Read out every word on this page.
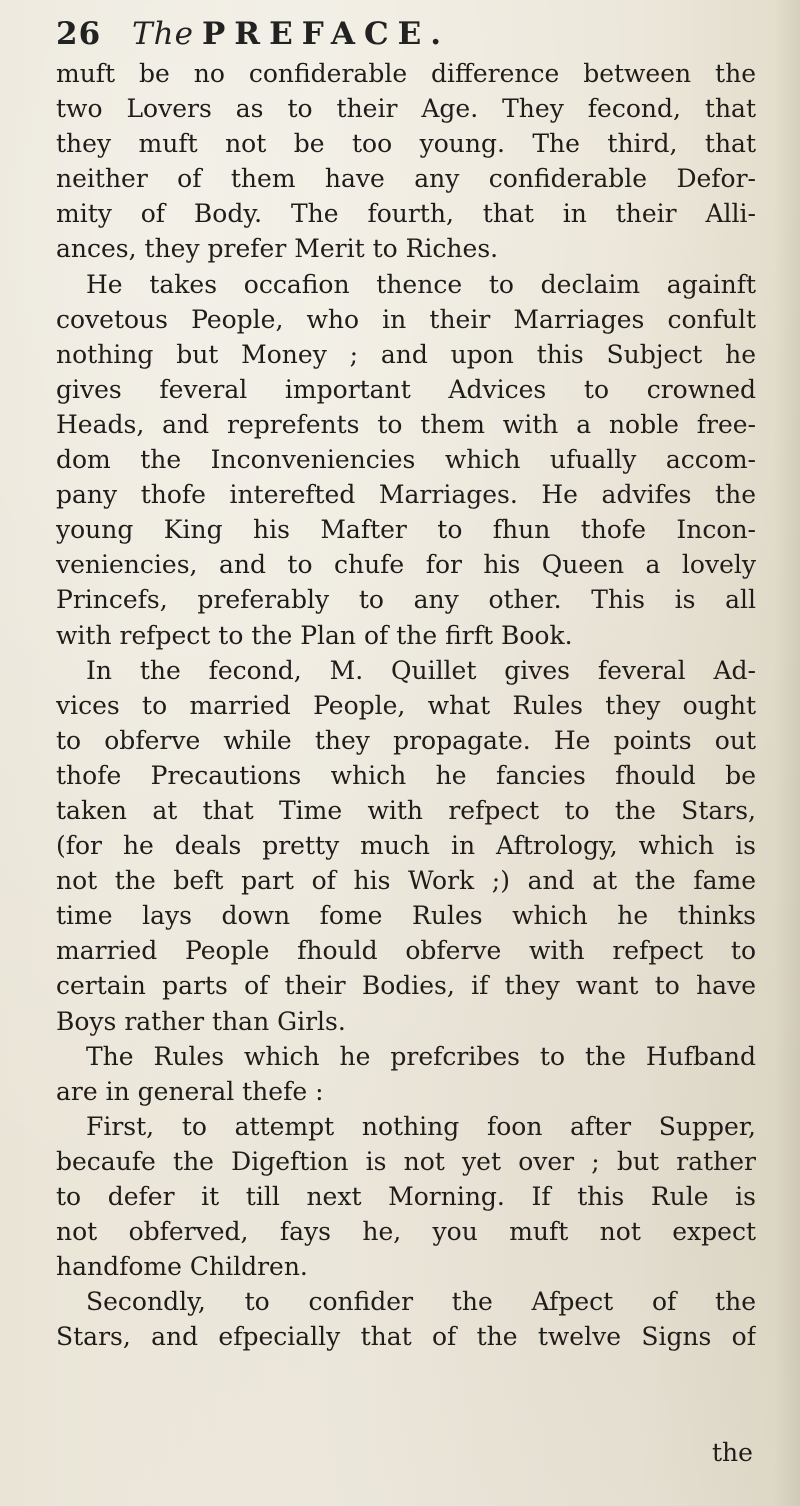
26 The PREFACE.
muft be no confiderable difference between the
two Lovers as to their Age. They fecond, that
they muft not be too young. The third, that
neither of them have any confiderable Defor-
mity of Body. The fourth, that in their Alli-
ances, they prefer Merit to Riches.
He takes occafion thence to declaim againft
covetous People, who in their Marriages confult
nothing but Money ; and upon this Subject he
gives feveral important Advices to crowned
Heads, and reprefents to them with a noble free-
dom the Inconveniencies which ufually accom-
pany thofe interefted Marriages. He advifes the
young King his Mafter to fhun thofe Incon-
veniencies, and to chufe for his Queen a lovely
Princefs, preferably to any other. This is all
with refpect to the Plan of the firft Book.
In the fecond, M. Quillet gives feveral Ad-
vices to married People, what Rules they ought
to obferve while they propagate. He points out
thofe Precautions which he fancies fhould be
taken at that Time with refpect to the Stars,
(for he deals pretty much in Aftrology, which is
not the beft part of his Work ;) and at the fame
time lays down fome Rules which he thinks
married People fhould obferve with refpect to
certain parts of their Bodies, if they want to have
Boys rather than Girls.
The Rules which he prefcribes to the Hufband
are in general thefe :
First, to attempt nothing foon after Supper,
becaufe the Digeftion is not yet over ; but rather
to defer it till next Morning. If this Rule is
not obferved, fays he, you muft not expect
handfome Children.
Secondly, to confider the Afpect of the
Stars, and efpecially that of the twelve Signs of
the
